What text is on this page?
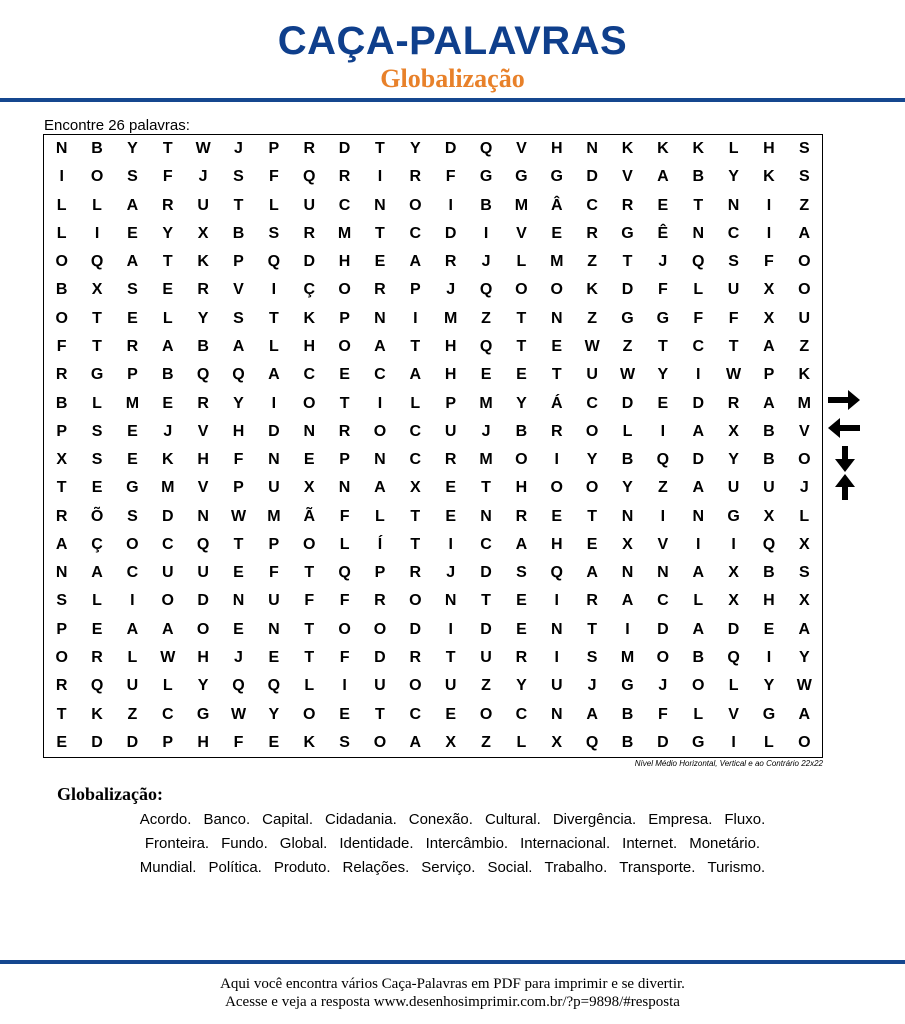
CAÇA-PALAVRAS
Globalização
Encontre 26 palavras:
N B Y T W J P R D T Y D Q V H N K K K L H S
I O S F J S F Q R I R F G G G D V A B Y K S
L L A R U T L U C N O I B M Â C R E T N I Z
L I E Y X B S R M T C D I V E R G Ê N C I A
O Q A T K P Q D H E A R J L M Z T J Q S F O
B X S E R V I Ç O R P J Q O O K D F L U X O
O T E L Y S T K P N I M Z T N Z G G F F X U
F T R A B A L H O A T H Q T E W Z T C T A Z
R G P B Q Q A C E C A H E E T U W Y I W P K
B L M E R Y I O T I L P M Y Á C D E D R A M
P S E J V H D N R O C U J B R O L I A X B V
X S E K H F N E P N C R M O I Y B Q D Y B O
T E G M V P U X N A X E T H O O Y Z A U U J
R Õ S D N W M Ã F L T E N R E T N I N G X L
A Ç O C Q T P O L Í T I C A H E X V I I Q X
N A C U U E F T Q P R J D S Q A N N A X B S
S L I O D N U F F R O N T E I R A C L X H X
P E A A O E N T O O D I D E N T I D A D E A
O R L W H J E T F D R T U R I S M O B Q I Y
R Q U L Y Q Q L I U O U Z Y U J G J O L Y W
T K Z C G W Y O E T C E O C N A B F L V G A
E D D P H F E K S O A X Z L X Q B D G I L O
Nível Médio Horizontal, Vertical e ao Contrário 22x22
Globalização:
Acordo. Banco. Capital. Cidadania. Conexão. Cultural. Divergência. Empresa. Fluxo.
Fronteira. Fundo. Global. Identidade. Intercâmbio. Internacional. Internet. Monetário.
Mundial. Política. Produto. Relações. Serviço. Social. Trabalho. Transporte. Turismo.
Aqui você encontra vários Caça-Palavras em PDF para imprimir e se divertir.
Acesse e veja a resposta www.desenhosimprimir.com.br/?p=9898/#resposta
